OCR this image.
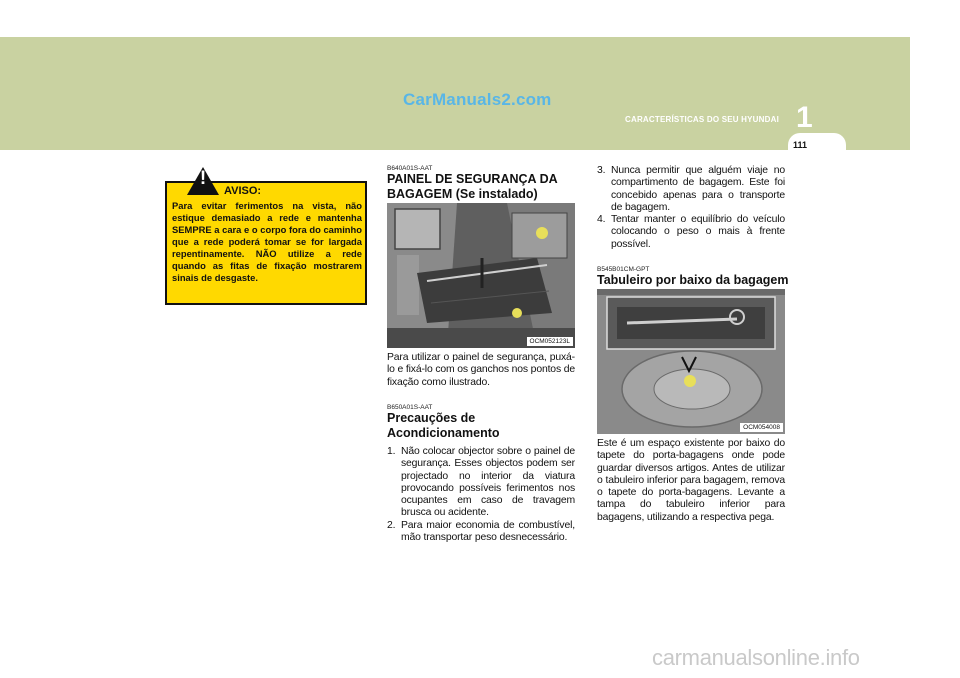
CarManuals2.com
CARACTERÍSTICAS DO SEU HYUNDAI 1
111
!
AVISO:
Para evitar ferimentos na vista, não estique demasiado a rede e mantenha SEMPRE a cara e o corpo fora do caminho que a rede poderá tomar se for largada repentinamente. NÃO utilize a rede quando as fitas de fixação mostrarem sinais de desgaste.
B640A01S-AAT
PAINEL DE SEGURANÇA DA BAGAGEM (Se instalado)
OCM052123L
Para utilizar o painel de segurança, puxá-lo e fixá-lo com os ganchos nos pontos de fixação como ilustrado.
B650A01S-AAT
Precauções de Acondicionamento
1. Não colocar objector sobre o painel de segurança. Esses objectos podem ser projectado no interior da viatura provocando possíveis ferimentos nos ocupantes em caso de travagem brusca ou acidente.
2. Para maior economia de combustível, mão transportar peso desnecessário.
3. Nunca permitir que alguém viaje no compartimento de bagagem. Este foi concebido apenas para o transporte de bagagem.
4. Tentar manter o equilíbrio do veículo colocando o peso o mais à frente possível.
B545B01CM-GPT
Tabuleiro por baixo da bagagem
OCM054008
Este é um espaço existente por baixo do tapete do porta-bagagens onde pode guardar diversos artigos. Antes de utilizar o tabuleiro inferior para bagagem, remova o tapete do porta-bagagens. Levante a tampa do tabuleiro inferior para bagagens, utilizando a respectiva pega.
carmanualsonline.info
